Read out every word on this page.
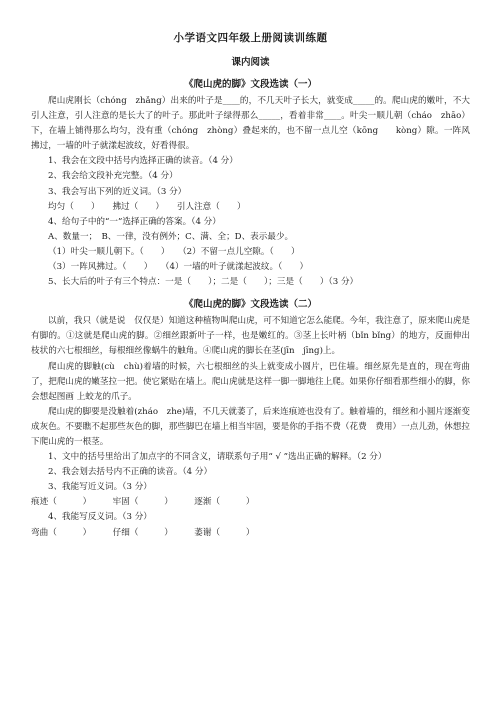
小学语文四年级上册阅读训练题
课内阅读
《爬山虎的脚》文段选读（一）

爬山虎刚长（chóng　zhǎng）出来的叶子是____的，不几天叶子长大，就变成_____的。爬山虎的嫩叶，不大引人注意，引人注意的是长大了的叶子。那此叶子绿得那么_____，看着非常____。叶尖一顺儿朝（cháo　zhāo）下，在墙上铺得那么均匀，没有重（chóng　zhòng）叠起来的，也不留一点儿空（kōng　　kòng）隙。一阵风拂过，一墙的叶子就漾起波纹，好看得很。

1、我会在文段中括号内选择正确的读音。（4 分）

2、我会给文段补充完整。（4 分）

3、我会写出下列的近义词。（3 分）

均匀（　　）　　拂过（　　）　　引人注意（　　）

4、给句子中的“一”选择正确的答案。（4 分）

A、数量一；　B、一律，没有例外；C、满、全；D、表示最少。

（1）叶尖一顺儿朝下。（　　）　　（2）不留一点儿空隙。（　　）

（3）一阵风拂过。（　　）　　（4）一墙的叶子就漾起波纹。（　　）

5、长大后的叶子有三个特点：一是（　　）；二是（　　）；三是（　　）（3 分）

《爬山虎的脚》文段选读（二）

以前，我只（就是说　仅仅是）知道这种植物叫爬山虎，可不知道它怎么能爬。今年，我注意了，原来爬山虎是有脚的。①这就是爬山虎的脚。②细丝跟新叶子一样，也是嫩红的。③茎上长叶柄（bǐn bǐng）的地方，反面伸出枝状的六七根细丝，每根细丝像蜗牛的触角。④爬山虎的脚长在茎(jīn　jīng)上。

爬山虎的脚触(cù　chù)着墙的时候，六七根细丝的头上就变成小圆片，巴住墙。细丝原先是直的，现在弯曲了，把爬山虎的嫩茎拉一把。使它紧贴在墙上。爬山虎就是这样一脚一脚地往上爬。如果你仔细看那些细小的脚，你会想起图画 上蛟龙的爪子。

爬山虎的脚要是没触着(zháo　zhe)墙，不几天就萎了，后来连痕迹也没有了。触着墙的，细丝和小圆片逐渐变成灰色。不要瞧不起那些灰色的脚，那些脚巴在墙上相当牢固，要是你的手指不费（花费　费用）一点儿劲，休想拉下爬山虎的一根茎。

1、文中的括号里给出了加点字的不同含义，请联系句子用“ √ ”选出正确的解释。（2 分）

2、我会划去括号内不正确的读音。（4 分）

3、我能写近义词。（3 分）

痕迹（　　　）　　　牢固（　　　）　　　逐渐（　　　）

4、我能写反义词。（3 分）

弯曲（　　　）　　　仔细（　　　）　　　萎谢（　　　）
